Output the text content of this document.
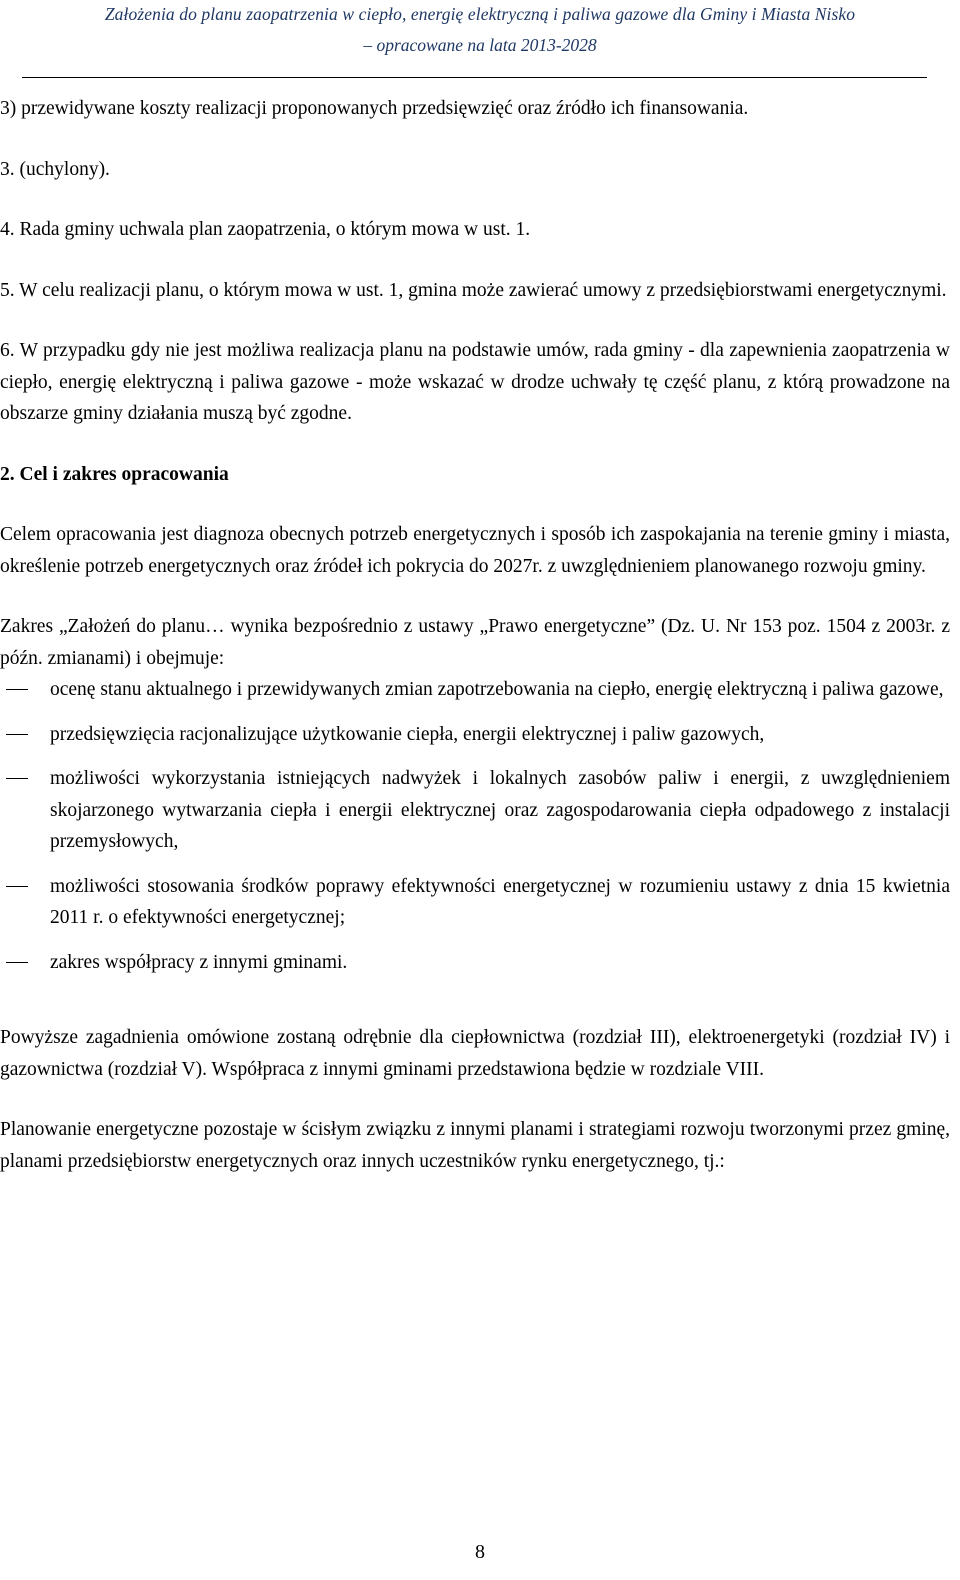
Założenia do planu zaopatrzenia w ciepło, energię elektryczną i paliwa gazowe dla Gminy i Miasta Nisko
– opracowane na lata 2013-2028

3) przewidywane koszty realizacji proponowanych przedsięwzięć oraz źródło ich finansowania.

3. (uchylony).

4. Rada gminy uchwala plan zaopatrzenia, o którym mowa w ust. 1.

5. W celu realizacji planu, o którym mowa w ust. 1, gmina może zawierać umowy z przedsiębiorstwami energetycznymi.

6. W przypadku gdy nie jest możliwa realizacja planu na podstawie umów, rada gminy - dla zapewnienia zaopatrzenia w ciepło, energię elektryczną i paliwa gazowe - może wskazać w drodze uchwały tę część planu, z którą prowadzone na obszarze gminy działania muszą być zgodne.

2. Cel i zakres opracowania

Celem opracowania jest diagnoza obecnych potrzeb energetycznych i sposób ich zaspokajania na terenie gminy i miasta, określenie potrzeb energetycznych oraz źródeł ich pokrycia do 2027r. z uwzględnieniem planowanego rozwoju gminy.

Zakres „Założeń do planu… wynika bezpośrednio z ustawy „Prawo energetyczne” (Dz. U. Nr 153 poz. 1504 z 2003r. z późn. zmianami) i obejmuje:

ocenę stanu aktualnego i przewidywanych zmian zapotrzebowania na ciepło, energię elektryczną i paliwa gazowe,
przedsięwzięcia racjonalizujące użytkowanie ciepła, energii elektrycznej i paliw gazowych,
możliwości wykorzystania istniejących nadwyżek i lokalnych zasobów paliw i energii, z uwzględnieniem skojarzonego wytwarzania ciepła i energii elektrycznej oraz zagospodarowania ciepła odpadowego z instalacji przemysłowych,
możliwości stosowania środków poprawy efektywności energetycznej w rozumieniu ustawy z dnia 15 kwietnia 2011 r. o efektywności energetycznej;
zakres współpracy z innymi gminami.

Powyższe zagadnienia omówione zostaną odrębnie dla ciepłownictwa (rozdział III), elektroenergetyki (rozdział IV) i gazownictwa (rozdział V). Współpraca z innymi gminami przedstawiona będzie w rozdziale VIII.

Planowanie energetyczne pozostaje w ścisłym związku z innymi planami i strategiami rozwoju tworzonymi przez gminę, planami przedsiębiorstw energetycznych oraz innych uczestników rynku energetycznego, tj.:

8
